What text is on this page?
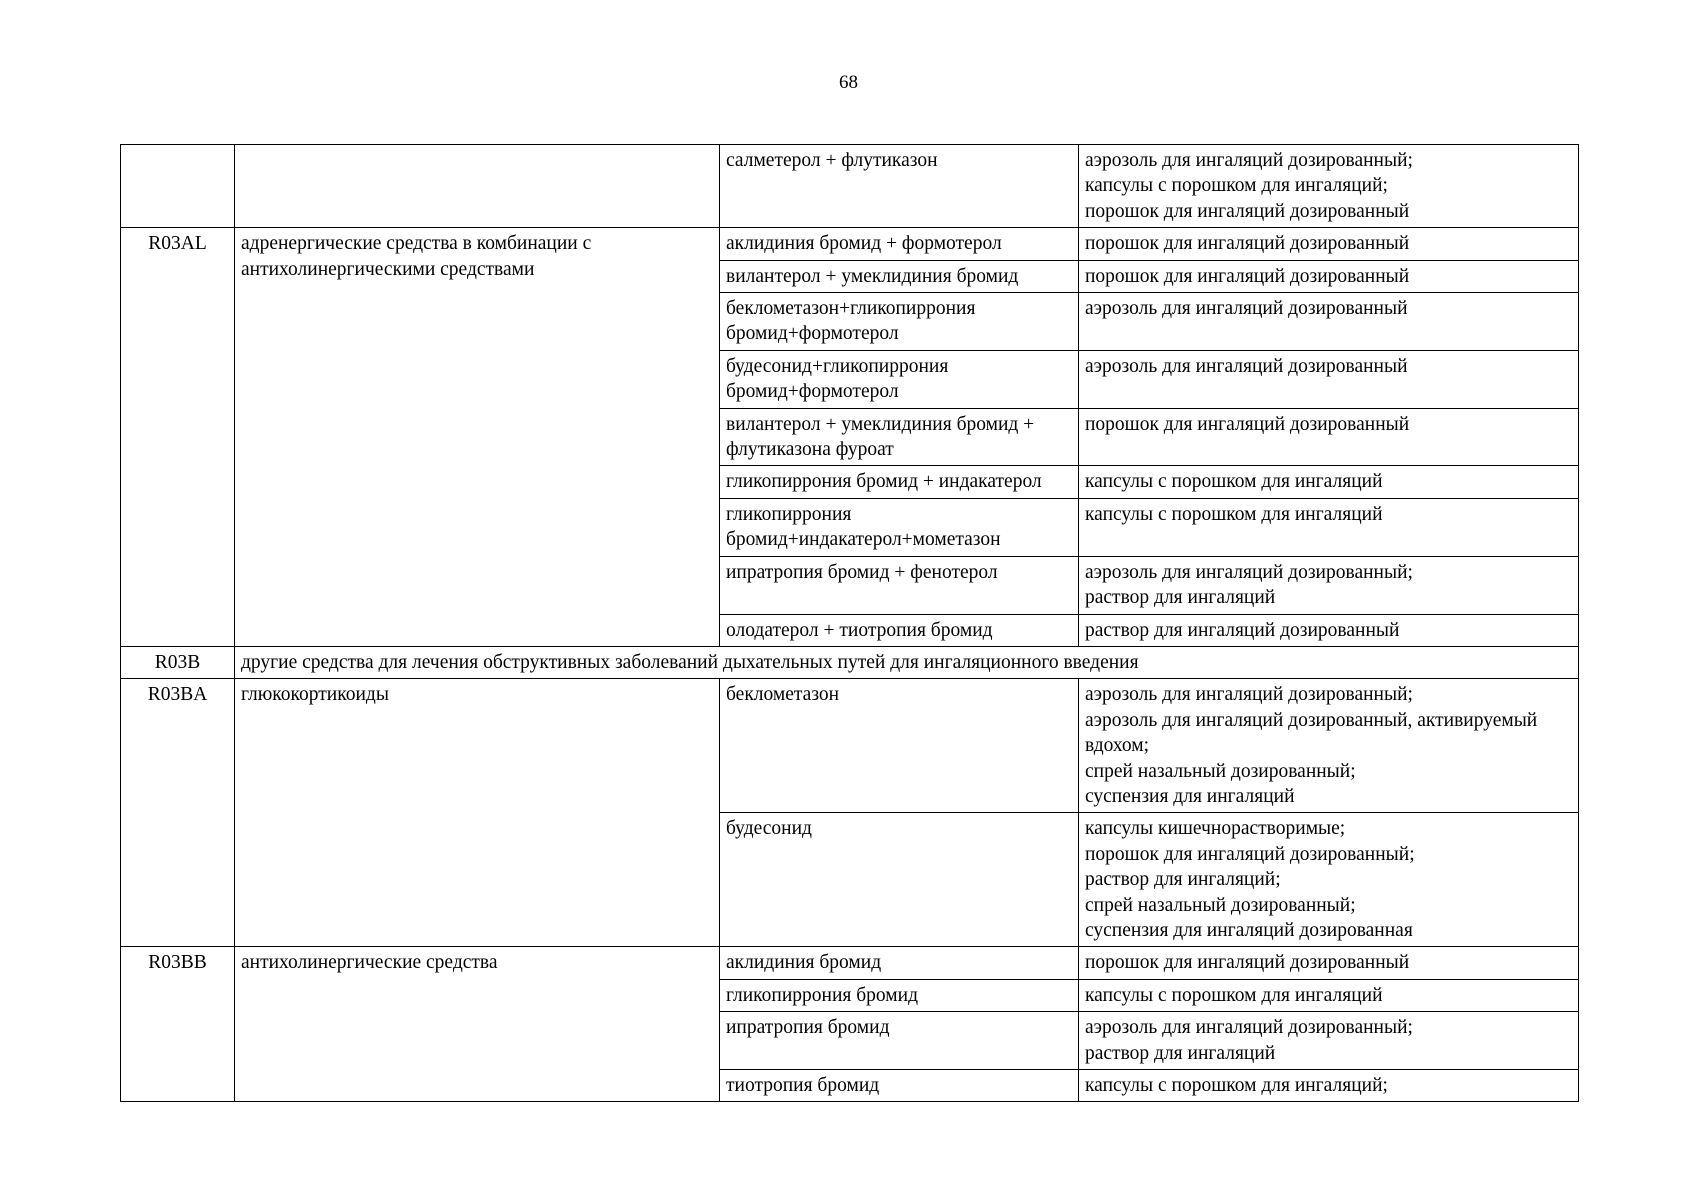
68
		салметерол + флутиказон	аэрозоль для ингаляций дозированный;
капсулы с порошком для ингаляций;
порошок для ингаляций дозированный
R03AL	адренергические средства в комбинации с антихолинергическими средствами	аклидиния бромид + формотерол	порошок для ингаляций дозированный
		вилантерол + умеклидиния бромид	порошок для ингаляций дозированный
		беклометазон+гликопиррония бромид+формотерол	аэрозоль для ингаляций дозированный
		будесонид+гликопиррония бромид+формотерол	аэрозоль для ингаляций дозированный
		вилантерол + умеклидиния бромид + флутиказона фуроат	порошок для ингаляций дозированный
		гликопиррония бромид + индакатерол	капсулы с порошком для ингаляций
		гликопиррония бромид+индакатерол+мометазон	капсулы с порошком для ингаляций
		ипратропия бромид + фенотерол	аэрозоль для ингаляций дозированный;
раствор для ингаляций
		олодатерол + тиотропия бромид	раствор для ингаляций дозированный
R03B	другие средства для лечения обструктивных заболеваний дыхательных путей для ингаляционного введения		
R03BA	глюкокортикоиды	беклометазон	аэрозоль для ингаляций дозированный;
аэрозоль для ингаляций дозированный, активируемый вдохом;
спрей назальный дозированный;
суспензия для ингаляций
		будесонид	капсулы кишечнорастворимые;
порошок для ингаляций дозированный;
раствор для ингаляций;
спрей назальный дозированный;
суспензия для ингаляций дозированная
R03BB	антихолинергические средства	аклидиния бромид	порошок для ингаляций дозированный
		гликопиррония бромид	капсулы с порошком для ингаляций
		ипратропия бромид	аэрозоль для ингаляций дозированный;
раствор для ингаляций
		тиотропия бромид	капсулы с порошком для ингаляций;
